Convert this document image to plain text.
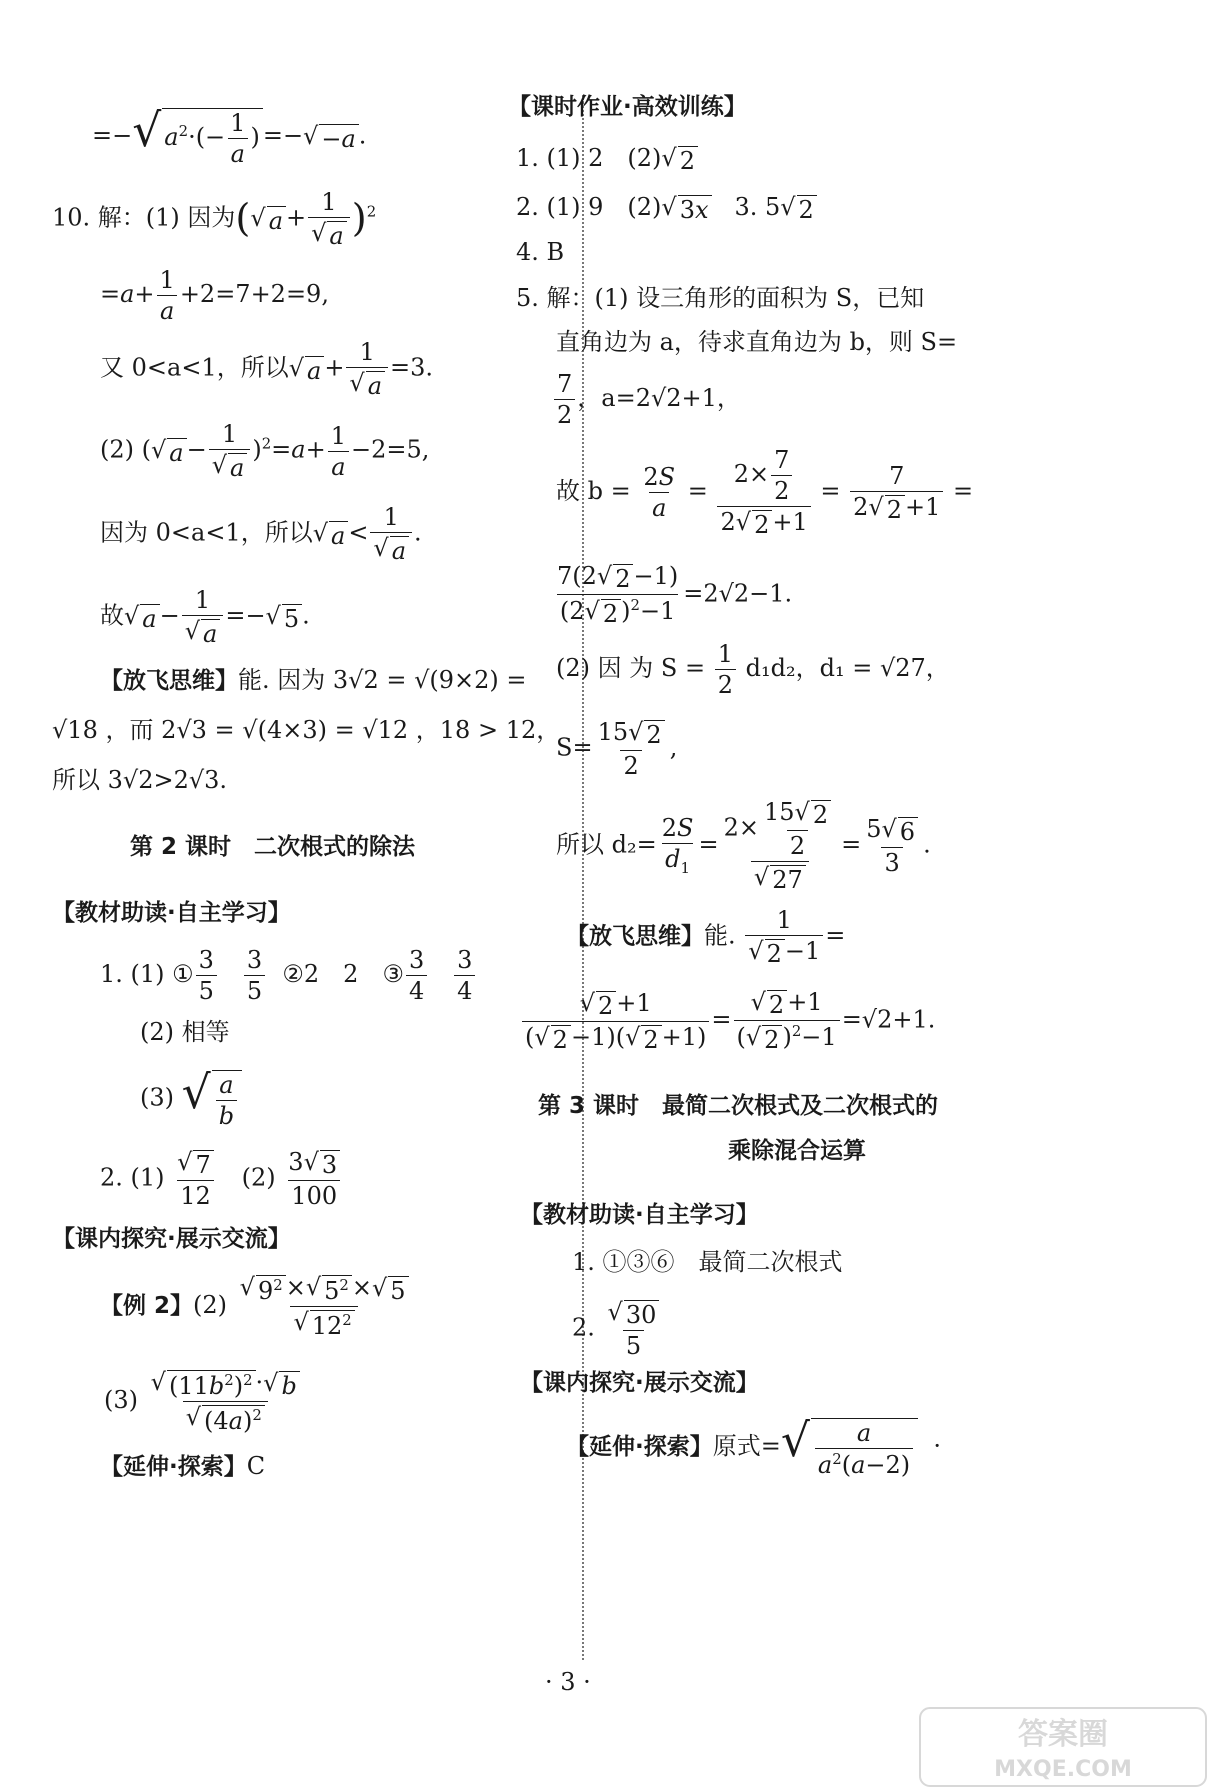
=− √ $a^2\cdot(- \frac{1}{a}$ ) =− √ −a .
10. 解：(1) 因为( √ $a + \frac{1}{√ a} )^2$
$=a+ \frac{1}{a} +2=7+2=9$,
又 0<a<1，所以 √ $a + \frac{1}{√ a} =3$.
(2) ( √ $a - \frac{1}{√ a} )^2=a+ \frac{1}{a} -2=5$,
因为 0<a<1，所以 √ $a < \frac{1}{√ a}$ .
故 √ $a - \frac{1}{√ a}$ =− √ 5 .
【放飞思维】能. 因为 3√2 = √(9×2) =
√18 ，而 2√3 = √(4×3) = √12 ，18 > 12，
所以 3√2>2√3.
第 2 课时　二次根式的除法
【教材助读·自主学习】
1. (1) ① $\frac{3}{5}$
$\frac{3}{5}$ ②2　2　③ $\frac{3}{4}$
$\frac{3}{4}$
(2) 相等
(3) √ $\frac{a}{b}$
2. $(1) \frac{√ 7}{12} (2) \frac{3 √ 3}{100}$
【课内探究·展示交流】
【例 2】$(2) \frac{√ 9^2 \times √ 5^2 \times √ 5}{√ 12^2}$
$(3) \frac{√ (11b^2)^2 \cdot √ b}{√ (4a)^2}$
【延伸·探索】C
【课时作业·高效训练】
1. (1) 2　(2) √ 2
2. (1) 9　(2) √ 3x 3. 5 √ 2
4. B
5. 解：(1) 设三角形的面积为 S，已知
直角边为 a，待求直角边为 b，则 S=
$\frac{7}{2}$ ，a=2√2+1，
故 $b = \frac{2S}{a} = \frac{2\times \frac{7}{2}}{2 √ 2 +1} = \frac{7}{2 √ 2 +1}$ =
$\frac{7(2 √ 2 -1)}{(2 √ 2 )^2-1} =2√2-1$.
(2) 因 为 $S = \frac{1}{2} d_1d_2$，d₁ = √27，
$S= \frac{15 √ 2}{2}$ ,
所以 $d_2= \frac{2S}{d_1} = \frac{2\times \frac{15 √ 2}{2}}{√ 27} = \frac{5 √ 6}{3}$ .
【放飞思维】能. $\frac{1}{√ 2 -1}$ =
$\frac{√ 2 +1}{( √ 2 -1)( √ 2 +1)} = \frac{√ 2 +1}{( √ 2 )^2-1} =√2+1$.
第 3 课时　最简二次根式及二次根式的
乘除混合运算
【教材助读·自主学习】
1. ①③⑥　最简二次根式
2. $\frac{√ 30}{5}$
【课内探究·展示交流】
【延伸·探索】原式= √ $\frac{a}{a^2(a-2)}$ ·
· 3 ·
答案圈
MXQE.COM
